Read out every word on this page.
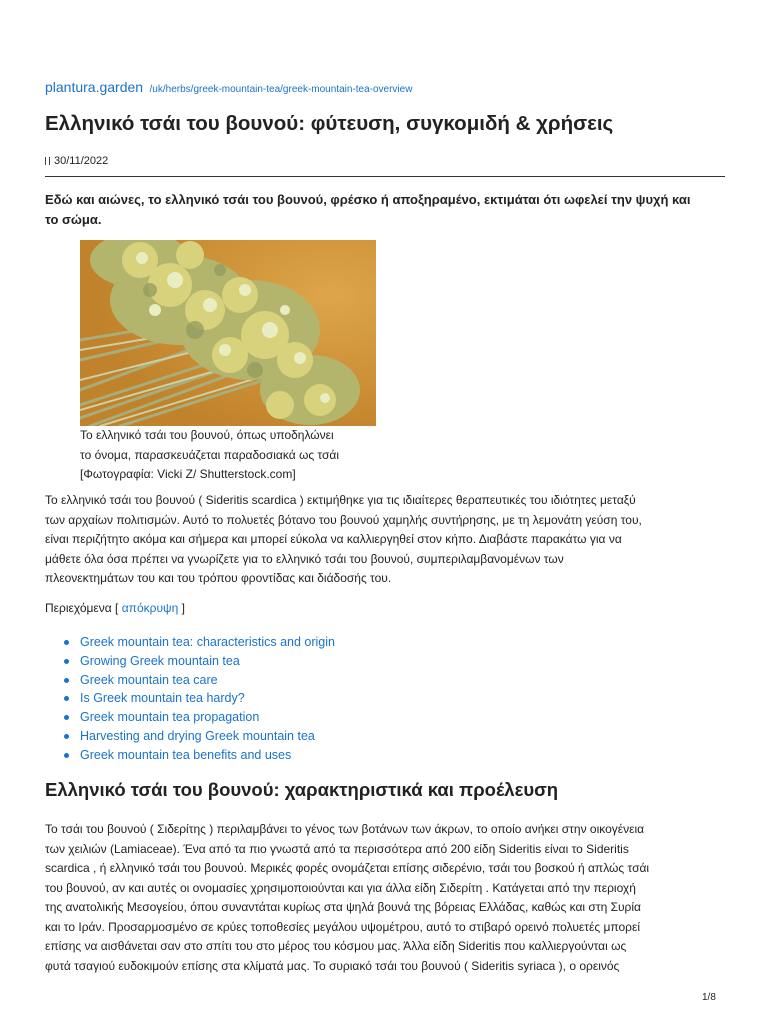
plantura.garden /uk/herbs/greek-mountain-tea/greek-mountain-tea-overview
Ελληνικό τσάι του βουνού: φύτευση, συγκομιδή & χρήσεις
30/11/2022
Εδώ και αιώνες, το ελληνικό τσάι του βουνού, φρέσκο ή αποξηραμένο, εκτιμάται ότι ωφελεί την ψυχή και
το σώμα.
Το ελληνικό τσάι του βουνού, όπως υποδηλώνει
το όνομα, παρασκευάζεται παραδοσιακά ως τσάι
[Φωτογραφία: Vicki Z/ Shutterstock.com]
Το ελληνικό τσάι του βουνού ( Sideritis scardica ) εκτιμήθηκε για τις ιδιαίτερες θεραπευτικές του ιδιότητες μεταξύ
των αρχαίων πολιτισμών. Αυτό το πολυετές βότανο του βουνού χαμηλής συντήρησης, με τη λεμονάτη γεύση του,
είναι περιζήτητο ακόμα και σήμερα και μπορεί εύκολα να καλλιεργηθεί στον κήπο. Διαβάστε παρακάτω για να
μάθετε όλα όσα πρέπει να γνωρίζετε για το ελληνικό τσάι του βουνού, συμπεριλαμβανομένων των
πλεονεκτημάτων του και του τρόπου φροντίδας και διάδοσής του.
Περιεχόμενα [ απόκρυψη ]
Greek mountain tea: characteristics and origin
Growing Greek mountain tea
Greek mountain tea care
Is Greek mountain tea hardy?
Greek mountain tea propagation
Harvesting and drying Greek mountain tea
Greek mountain tea benefits and uses
Ελληνικό τσάι του βουνού: χαρακτηριστικά και προέλευση
Το τσάι του βουνού ( Σιδερίτης ) περιλαμβάνει το γένος των βοτάνων των άκρων, το οποίο ανήκει στην οικογένεια
των χειλιών (Lamiaceae). Ένα από τα πιο γνωστά από τα περισσότερα από 200 είδη Sideritis είναι το Sideritis
scardica , ή ελληνικό τσάι του βουνού. Μερικές φορές ονομάζεται επίσης σιδερένιο, τσάι του βοσκού ή απλώς τσάι
του βουνού, αν και αυτές οι ονομασίες χρησιμοποιούνται και για άλλα είδη Σιδερίτη . Κατάγεται από την περιοχή
της ανατολικής Μεσογείου, όπου συναντάται κυρίως στα ψηλά βουνά της βόρειας Ελλάδας, καθώς και στη Συρία
και το Ιράν. Προσαρμοσμένο σε κρύες τοποθεσίες μεγάλου υψομέτρου, αυτό το στιβαρό ορεινό πολυετές μπορεί
επίσης να αισθάνεται σαν στο σπίτι του στο μέρος του κόσμου μας. Άλλα είδη Sideritis που καλλιεργούνται ως
φυτά τσαγιού ευδοκιμούν επίσης στα κλίματά μας. Το συριακό τσάι του βουνού ( Sideritis syriaca ), ο ορεινός
1/8
